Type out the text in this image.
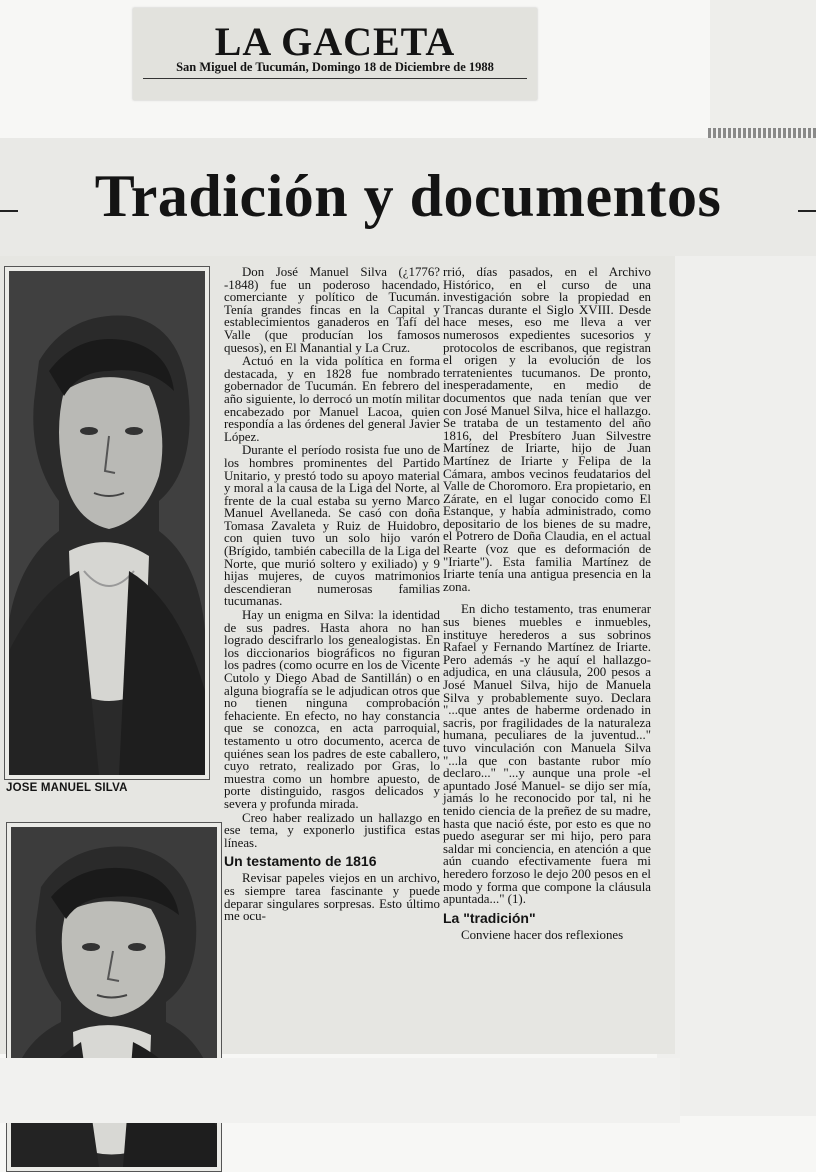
LA GACETA
San Miguel de Tucumán, Domingo 18 de Diciembre de 1988
Tradición y documentos
JOSE MANUEL SILVA

Don José Manuel Silva (¿1776?-1848) fue un poderoso hacendado, comerciante y político de Tucumán. Tenía grandes fincas en la Capital y establecimientos ganaderos en Tafí del Valle (que producían los famosos quesos), en El Manantial y La Cruz.

Actuó en la vida política en forma destacada, y en 1828 fue nombrado gobernador de Tucumán. En febrero del año siguiente, lo derrocó un motín militar encabezado por Manuel Lacoa, quien respondía a las órdenes del general Javier López.

Durante el período rosista fue uno de los hombres prominentes del Partido Unitario, y prestó todo su apoyo material y moral a la causa de la Liga del Norte, al frente de la cual estaba su yerno Marco Manuel Avellaneda. Se casó con doña Tomasa Zavaleta y Ruiz de Huidobro, con quien tuvo un solo hijo varón (Brígido, también cabecilla de la Liga del Norte, que murió soltero y exiliado) y 9 hijas mujeres, de cuyos matrimonios descendieran numerosas familias tucumanas.

Hay un enigma en Silva: la identidad de sus padres. Hasta ahora no han logrado descifrarlo los genealogistas. En los diccionarios biográficos no figuran los padres (como ocurre en los de Vicente Cutolo y Diego Abad de Santillán) o en alguna biografía se le adjudican otros que no tienen ninguna comprobación fehaciente. En efecto, no hay constancia que se conozca, en acta parroquial, testamento u otro documento, acerca de quiénes sean los padres de este caballero, cuyo retrato, realizado por Gras, lo muestra como un hombre apuesto, de porte distinguido, rasgos delicados y severa y profunda mirada.

Creo haber realizado un hallazgo en ese tema, y exponerlo justifica estas líneas.

Un testamento de 1816

Revisar papeles viejos en un archivo, es siempre tarea fascinante y puede deparar singulares sorpresas. Esto último me ocu-

rrió, días pasados, en el Archivo Histórico, en el curso de una investigación sobre la propiedad en Trancas durante el Siglo XVIII. Desde hace meses, eso me lleva a ver numerosos expedientes sucesorios y protocolos de escribanos, que registran el origen y la evolución de los terratenientes tucumanos. De pronto, inesperadamente, en medio de documentos que nada tenían que ver con José Manuel Silva, hice el hallazgo. Se trataba de un testamento del año 1816, del Presbítero Juan Silvestre Martínez de Iriarte, hijo de Juan Martínez de Iriarte y Felipa de la Cámara, ambos vecinos feudatarios del Valle de Choromoro. Era propietario, en Zárate, en el lugar conocido como El Estanque, y había administrado, como depositario de los bienes de su madre, el Potrero de Doña Claudia, en el actual Rearte (voz que es deformación de "Iriarte"). Esta familia Martínez de Iriarte tenía una antigua presencia en la zona.

En dicho testamento, tras enumerar sus bienes muebles e inmuebles, instituye herederos a sus sobrinos Rafael y Fernando Martínez de Iriarte. Pero además -y he aquí el hallazgo- adjudica, en una cláusula, 200 pesos a José Manuel Silva, hijo de Manuela Silva y probablemente suyo. Declara "...que antes de haberme ordenado in sacris, por fragilidades de la naturaleza humana, peculiares de la juventud..." tuvo vinculación con Manuela Silva "...la que con bastante rubor mío declaro..." "...y aunque una prole -el apuntado José Manuel- se dijo ser mía, jamás lo he reconocido por tal, ni he tenido ciencia de la preñez de su madre, hasta que nació éste, por esto es que no puedo asegurar ser mi hijo, pero para saldar mi conciencia, en atención a que aún cuando efectivamente fuera mi heredero forzoso le dejo 200 pesos en el modo y forma que compone la cláusula apuntada..." (1).

La "tradición"

Conviene hacer dos reflexiones
